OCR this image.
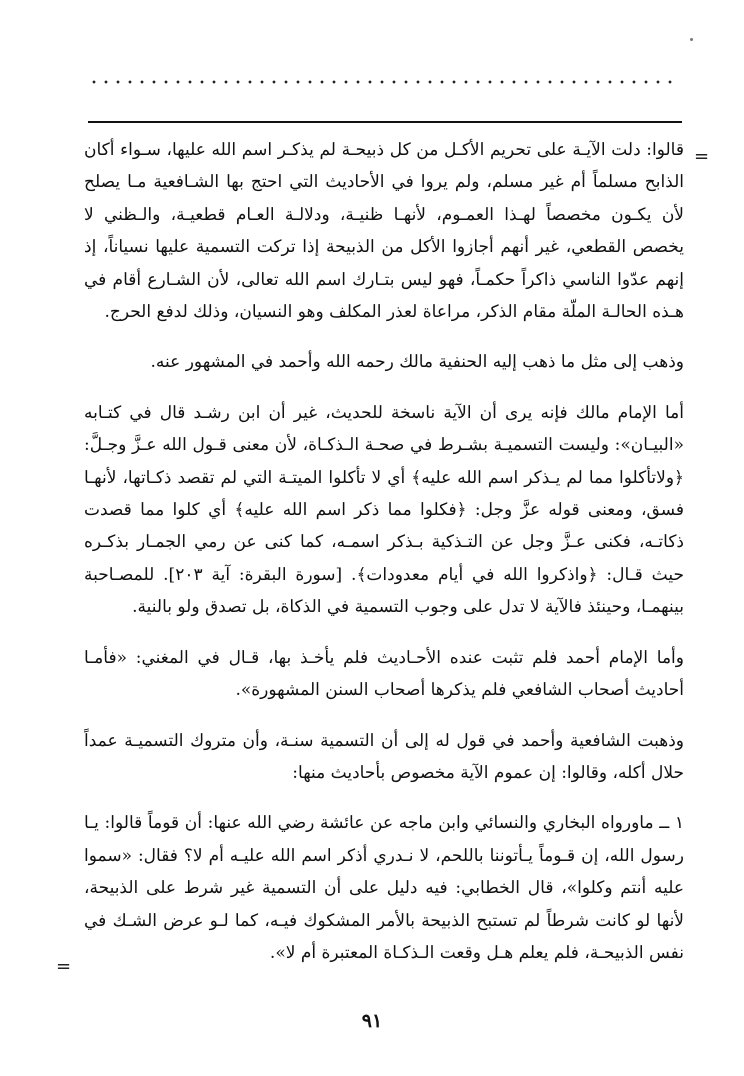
=

قالوا: دلت الآيـة على تحريم الأكـل من كل ذبيحـة لم يذكـر اسم الله عليها، سـواء أكان الذابح مسلماً أم غير مسلم، ولم يروا في الأحاديث التي احتج بها الشـافعية مـا يصلح لأن يكـون مخصصاً لهـذا العمـوم، لأنهـا ظنيـة، ودلالـة العـام قطعيـة، والـظني لا يخصص القطعي، غير أنهم أجازوا الأكل من الذبيحة إذا تركت التسمية عليها نسياناً، إذ إنهم عدّوا الناسي ذاكراً حكمـاً، فهو ليس بتـارك اسم الله تعالى، لأن الشـارع أقام في هـذه الحالـة الملّة مقام الذكر، مراعاة لعذر المكلف وهو النسيان، وذلك لدفع الحرج.

وذهب إلى مثل ما ذهب إليه الحنفية مالك رحمه الله وأحمد في المشهور عنه.

أما الإمام مالك فإنه يرى أن الآية ناسخة للحديث، غير أن ابن رشـد قال في كتـابه «البيـان»: وليست التسميـة بشـرط في صحـة الـذكـاة، لأن معنى قـول الله عـزَّ وجـلَّ: ﴿ولاتأكلوا مما لم يـذكر اسم الله عليه﴾ أي لا تأكلوا الميتـة التي لم تقصد ذكـاتها، لأنهـا فسق، ومعنى قوله عزَّ وجل: ﴿فكلوا مما ذكر اسم الله عليه﴾ أي كلوا مما قصدت ذكاتـه، فكنى عـزَّ وجل عن التـذكية بـذكر اسمـه، كما كنى عن رمي الجمـار بذكـره حيث قـال: ﴿واذكروا الله في أيام معدودات﴾. [سورة البقرة: آية ٢٠٣]. للمصـاحبة بينهمـا، وحينئذ فالآية لا تدل على وجوب التسمية في الذكاة، بل تصدق ولو بالنية.

وأما الإمام أحمد فلم تثبت عنده الأحـاديث فلم يأخـذ بها، قـال في المغني: «فأمـا أحاديث أصحاب الشافعي فلم يذكرها أصحاب السنن المشهورة».

وذهبت الشافعية وأحمد في قول له إلى أن التسمية سنـة، وأن متروك التسميـة عمداً حلال أكله، وقالوا: إن عموم الآية مخصوص بأحاديث منها:

١ ــ ماورواه البخاري والنسائي وابن ماجه عن عائشة رضي الله عنها: أن قوماً قالوا: يـا رسول الله، إن قـوماً يـأتوننا باللحم، لا نـدري أذكر اسم الله عليـه أم لا؟ فقال: «سموا عليه أنتم وكلوا»، قال الخطابي: فيه دليل على أن التسمية غير شرط على الذبيحة، لأنها لو كانت شرطاً لم تستبح الذبيحة بالأمر المشكوك فيـه، كما لـو عرض الشـك في نفس الذبيحـة، فلم يعلم هـل وقعت الـذكـاة المعتبرة أم لا».

=
٩١
